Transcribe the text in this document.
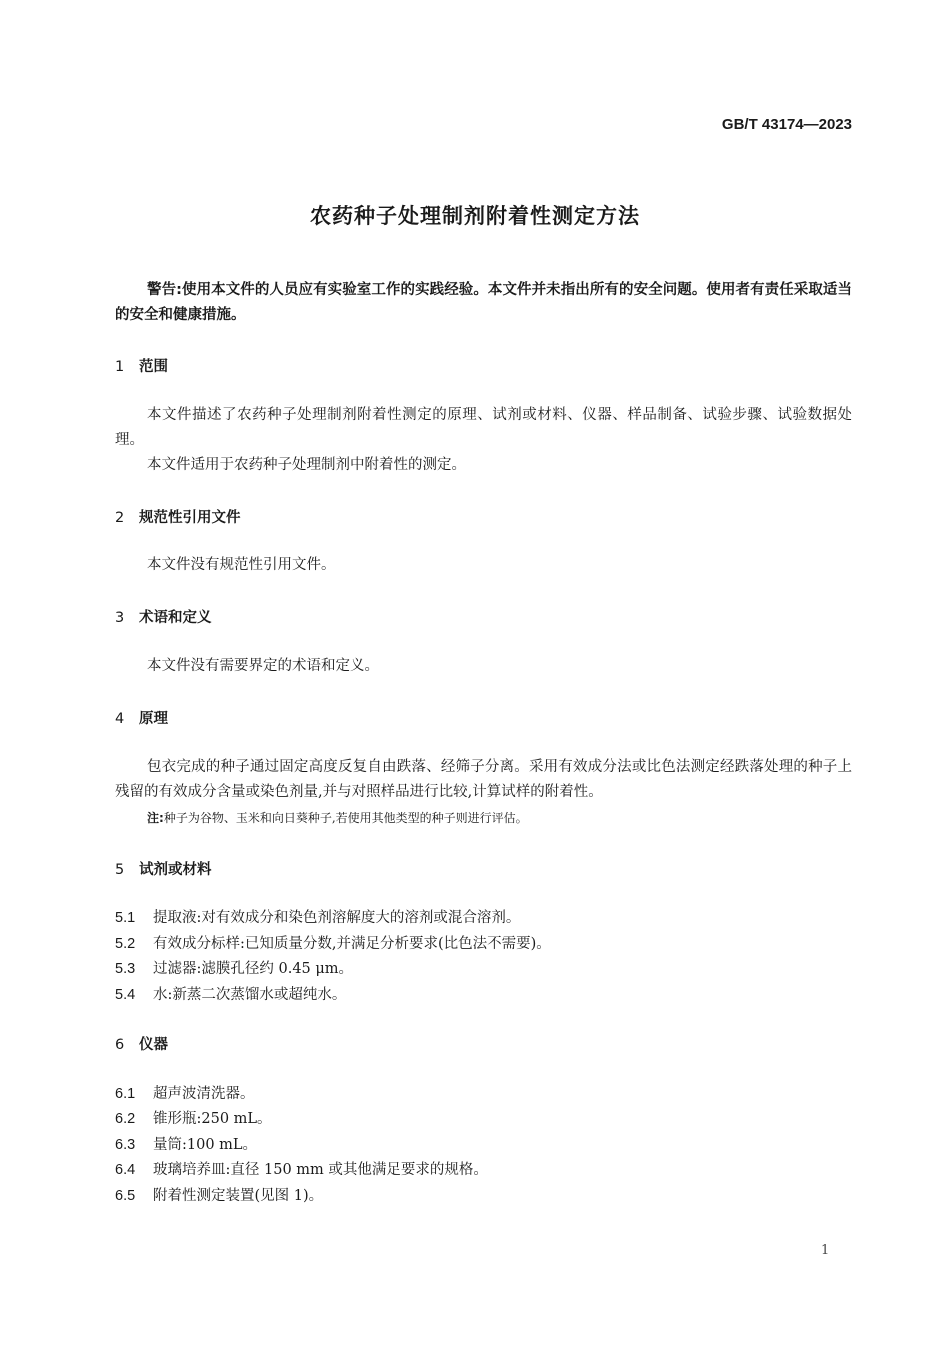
GB/T 43174—2023
农药种子处理制剂附着性测定方法
警告:使用本文件的人员应有实验室工作的实践经验。本文件并未指出所有的安全问题。使用者有责任采取适当的安全和健康措施。
1 范围
本文件描述了农药种子处理制剂附着性测定的原理、试剂或材料、仪器、样品制备、试验步骤、试验数据处理。
本文件适用于农药种子处理制剂中附着性的测定。
2 规范性引用文件
本文件没有规范性引用文件。
3 术语和定义
本文件没有需要界定的术语和定义。
4 原理
包衣完成的种子通过固定高度反复自由跌落、经筛子分离。采用有效成分法或比色法测定经跌落处理的种子上残留的有效成分含量或染色剂量,并与对照样品进行比较,计算试样的附着性。
注:种子为谷物、玉米和向日葵种子,若使用其他类型的种子则进行评估。
5 试剂或材料
5.1 提取液:对有效成分和染色剂溶解度大的溶剂或混合溶剂。
5.2 有效成分标样:已知质量分数,并满足分析要求(比色法不需要)。
5.3 过滤器:滤膜孔径约 0.45 μm。
5.4 水:新蒸二次蒸馏水或超纯水。
6 仪器
6.1 超声波清洗器。
6.2 锥形瓶:250 mL。
6.3 量筒:100 mL。
6.4 玻璃培养皿:直径 150 mm 或其他满足要求的规格。
6.5 附着性测定装置(见图 1)。
1
